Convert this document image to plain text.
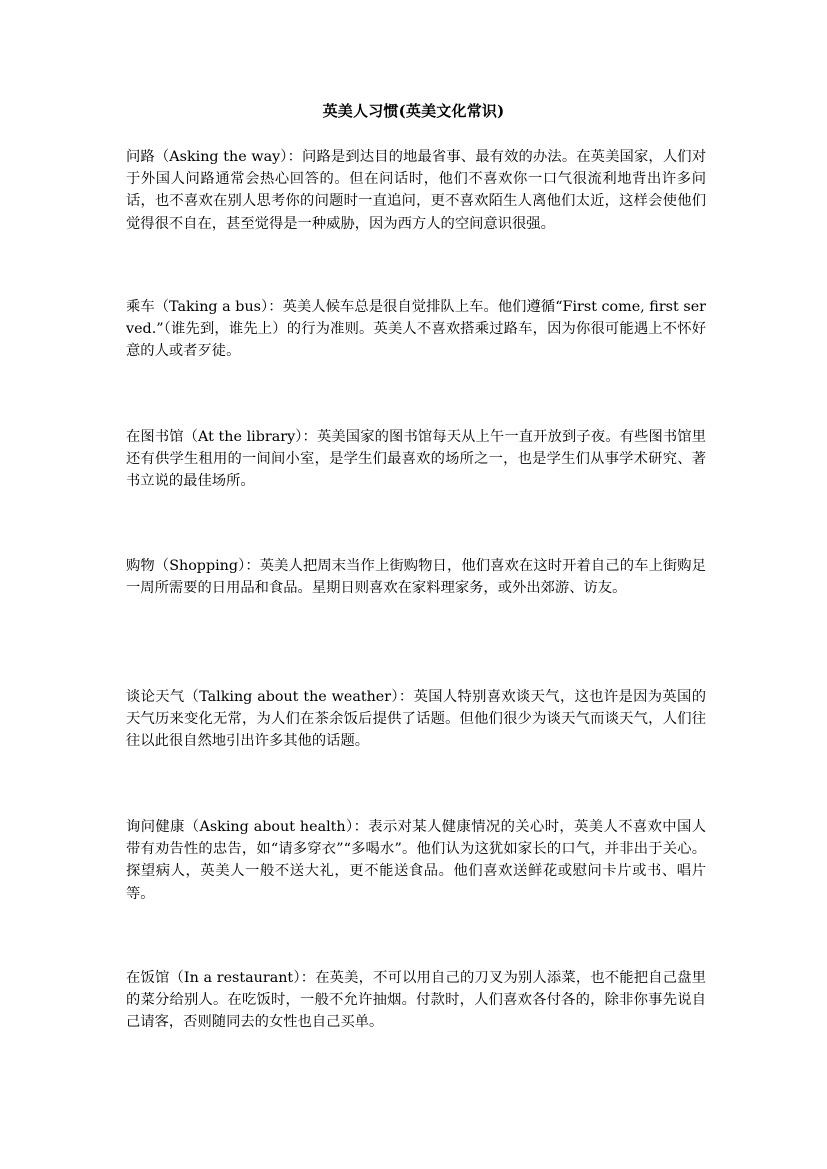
英美人习惯(英美文化常识)

问路（Asking the way）：问路是到达目的地最省事、最有效的办法。在英美国家，人们对于外国人问路通常会热心回答的。但在问话时，他们不喜欢你一口气很流利地背出许多问话，也不喜欢在别人思考你的问题时一直追问，更不喜欢陌生人离他们太近，这样会使他们觉得很不自在，甚至觉得是一种威胁，因为西方人的空间意识很强。

乘车（Taking a bus）：英美人候车总是很自觉排队上车。他们遵循“First come, first served.”（谁先到，谁先上）的行为准则。英美人不喜欢搭乘过路车，因为你很可能遇上不怀好意的人或者歹徒。

在图书馆（At the library）：英美国家的图书馆每天从上午一直开放到子夜。有些图书馆里还有供学生租用的一间间小室，是学生们最喜欢的场所之一，也是学生们从事学术研究、著书立说的最佳场所。

购物（Shopping）：英美人把周末当作上街购物日，他们喜欢在这时开着自己的车上街购足一周所需要的日用品和食品。星期日则喜欢在家料理家务，或外出郊游、访友。

谈论天气（Talking about the weather）：英国人特别喜欢谈天气，这也许是因为英国的天气历来变化无常，为人们在茶余饭后提供了话题。但他们很少为谈天气而谈天气，人们往往以此很自然地引出许多其他的话题。

询问健康（Asking about health）：表示对某人健康情况的关心时，英美人不喜欢中国人带有劝告性的忠告，如“请多穿衣”“多喝水”。他们认为这犹如家长的口气，并非出于关心。探望病人，英美人一般不送大礼，更不能送食品。他们喜欢送鲜花或慰问卡片或书、唱片等。

在饭馆（In a restaurant）：在英美，不可以用自己的刀叉为别人添菜，也不能把自己盘里的菜分给别人。在吃饭时，一般不允许抽烟。付款时，人们喜欢各付各的，除非你事先说自己请客，否则随同去的女性也自己买单。
